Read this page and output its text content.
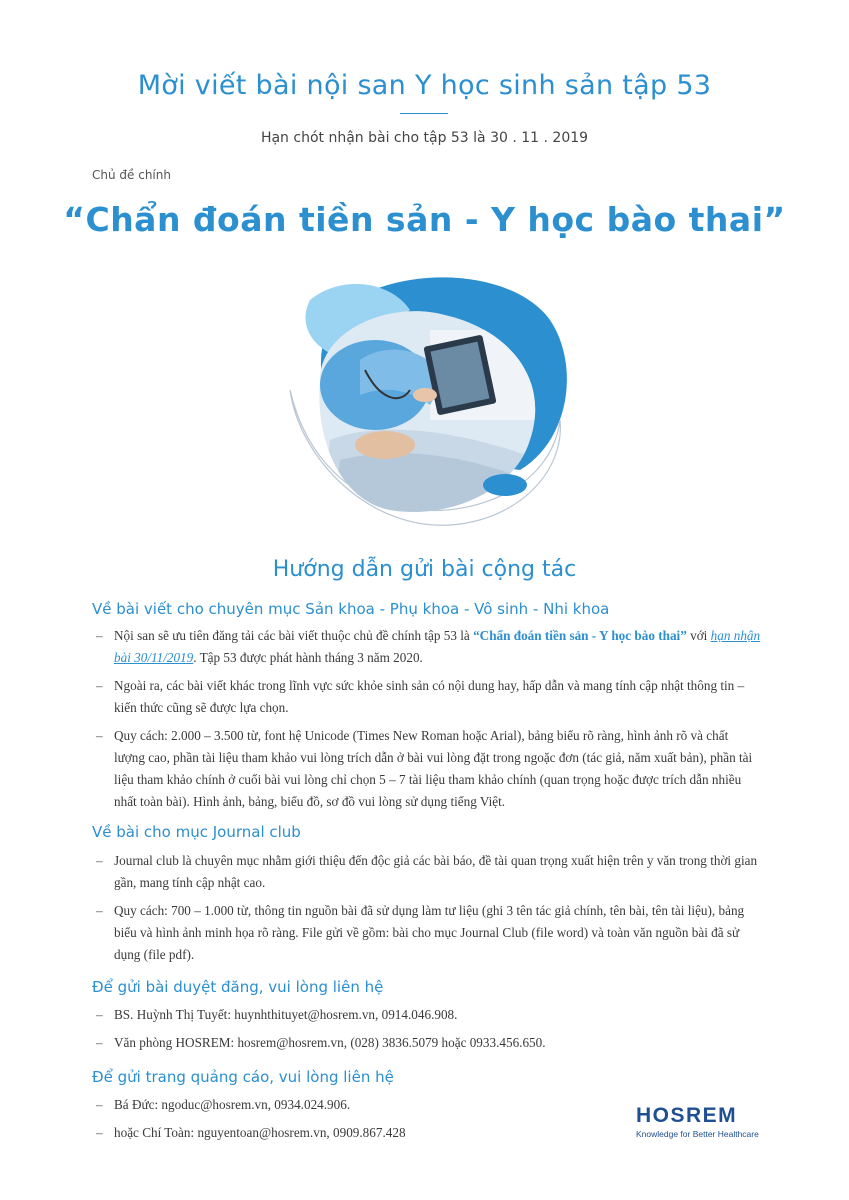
Mời viết bài nội san Y học sinh sản tập 53
Hạn chót nhận bài cho tập 53 là 30 . 11 . 2019
Chủ đề chính
“Chẩn đoán tiền sản - Y học bào thai”
Hướng dẫn gửi bài cộng tác
Về bài viết cho chuyên mục Sản khoa - Phụ khoa - Vô sinh - Nhi khoa
– Nội san sẽ ưu tiên đăng tải các bài viết thuộc chủ đề chính tập 53 là “Chẩn đoán tiền sản - Y học bào thai” với hạn nhận bài 30/11/2019. Tập 53 được phát hành tháng 3 năm 2020.
– Ngoài ra, các bài viết khác trong lĩnh vực sức khỏe sinh sản có nội dung hay, hấp dẫn và mang tính cập nhật thông tin – kiến thức cũng sẽ được lựa chọn.
– Quy cách: 2.000 – 3.500 từ, font hệ Unicode (Times New Roman hoặc Arial), bảng biểu rõ ràng, hình ảnh rõ và chất lượng cao, phần tài liệu tham khảo vui lòng trích dẫn ở bài vui lòng đặt trong ngoặc đơn (tác giả, năm xuất bản), phần tài liệu tham khảo chính ở cuối bài vui lòng chỉ chọn 5 – 7 tài liệu tham khảo chính (quan trọng hoặc được trích dẫn nhiều nhất toàn bài). Hình ảnh, bảng, biểu đồ, sơ đồ vui lòng sử dụng tiếng Việt.
Về bài cho mục Journal club
– Journal club là chuyên mục nhằm giới thiệu đến độc giả các bài báo, đề tài quan trọng xuất hiện trên y văn trong thời gian gần, mang tính cập nhật cao.
– Quy cách: 700 – 1.000 từ, thông tin nguồn bài đã sử dụng làm tư liệu (ghi 3 tên tác giả chính, tên bài, tên tài liệu), bảng biểu và hình ảnh minh họa rõ ràng. File gửi về gồm: bài cho mục Journal Club (file word) và toàn văn nguồn bài đã sử dụng (file pdf).
Để gửi bài duyệt đăng, vui lòng liên hệ
– BS. Huỳnh Thị Tuyết: huynhthituyet@hosrem.vn, 0914.046.908.
– Văn phòng HOSREM: hosrem@hosrem.vn, (028) 3836.5079 hoặc 0933.456.650.
Để gửi trang quảng cáo, vui lòng liên hệ
– Bá Đức: ngoduc@hosrem.vn, 0934.024.906.
– hoặc Chí Toàn: nguyentoan@hosrem.vn, 0909.867.428
HOSREM
Knowledge for Better Healthcare
